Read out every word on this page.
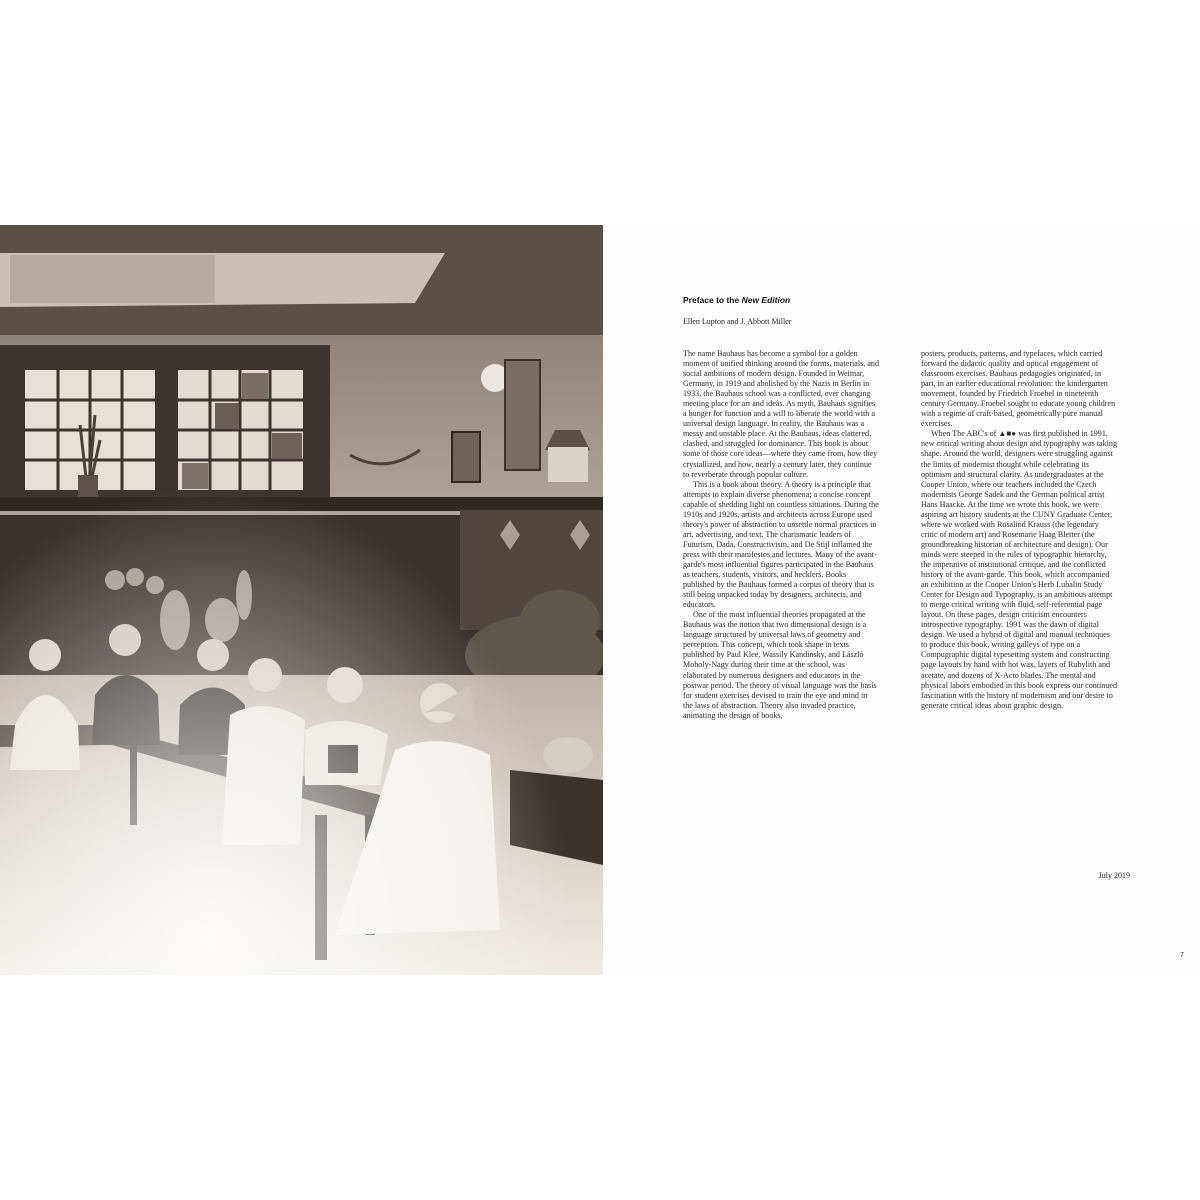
Preface to the New Edition
Ellen Lupton and J. Abbott Miller

The name Bauhaus has become a symbol for a golden moment of unified thinking around the forms, materials, and social ambitions of modern design. Founded in Weimar, Germany, in 1919 and abolished by the Nazis in Berlin in 1933, the Bauhaus school was a conflicted, ever changing meeting place for art and ideas. As myth, Bauhaus signifies a hunger for function and a will to liberate the world with a universal design language. In reality, the Bauhaus was a messy and unstable place. At the Bauhaus, ideas clattered, clashed, and struggled for dominance. This book is about some of those core ideas—where they came from, how they crystallized, and how, nearly a century later, they continue to reverberate through popular culture.

This is a book about theory. A theory is a principle that attempts to explain diverse phenomena; a concise concept capable of shedding light on countless situations. During the 1910s and 1920s, artists and architects across Europe used theory's power of abstraction to unsettle normal practices in art, advertising, and text. The charismatic leaders of Futurism, Dada, Constructivism, and De Stijl inflamed the press with their manifestos and lectures. Many of the avant-garde's most influential figures participated in the Bauhaus as teachers, students, visitors, and hecklers. Books published by the Bauhaus formed a corpus of theory that is still being unpacked today by designers, architects, and educators.

One of the most influential theories propagated at the Bauhaus was the notion that two dimensional design is a language structured by universal laws of geometry and perception. This concept, which took shape in texts published by Paul Klee, Wassily Kandinsky, and László Moholy-Nagy during their time at the school, was elaborated by numerous designers and educators in the postwar period. The theory of visual language was the basis for student exercises devised to train the eye and mind in the laws of abstraction. Theory also invaded practice, animating the design of books,

posters, products, patterns, and typefaces, which carried forward the didactic quality and optical engagement of classroom exercises. Bauhaus pedagogies originated, in part, in an earlier educational revolution: the kindergarten movement, founded by Friedrich Froebel in nineteenth century Germany. Froebel sought to educate young children with a regime of craft-based, geometrically pure manual exercises.

When The ABC's of ▲■● was first published in 1991, new critical writing about design and typography was taking shape. Around the world, designers were struggling against the limits of modernist thought while celebrating its optimism and structural clarity. As undergraduates at the Cooper Union, where our teachers included the Czech modernists George Sadek and the German political artist Hans Haacke. At the time we wrote this book, we were aspiring art history students at the CUNY Graduate Center, where we worked with Rosalind Krauss (the legendary critic of modern art) and Rosemarie Haag Bletter (the groundbreaking historian of architecture and design). Our minds were steeped in the rules of typographic hierarchy, the imperative of institutional critique, and the conflicted history of the avant-garde. This book, which accompanied an exhibition at the Cooper Union's Herb Lubalin Study Center for Design and Typography, is an ambitious attempt to merge critical writing with fluid, self-referential page layout. On these pages, design criticism encounters introspective typography. 1991 was the dawn of digital design. We used a hybrid of digital and manual techniques to produce this book, writing galleys of type on a Compugraphic digital typesetting system and constructing page layouts by hand with hot wax, layers of Rubylith and acetate, and dozens of X-Acto blades. The mental and physical labors embodied in this book express our continued fascination with the history of modernism and our desire to generate critical ideas about graphic design.

July 2019
7
